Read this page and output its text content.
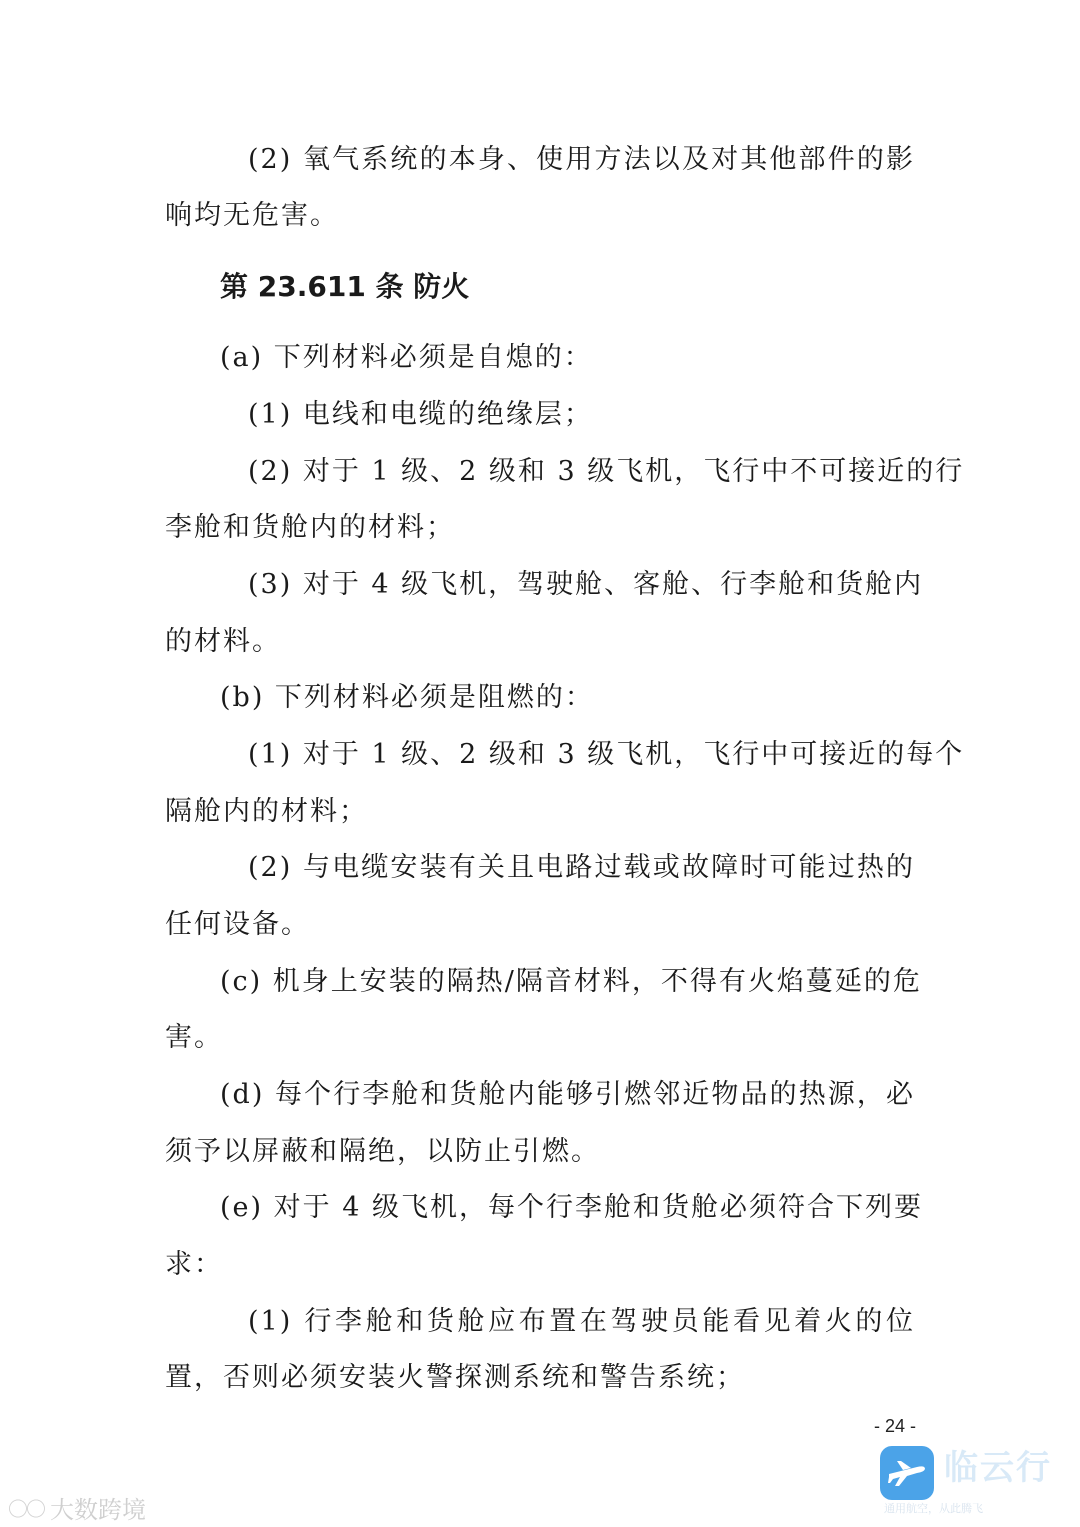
第 23.611 条 防火

(2) 氧气系统的本身、使用方法以及对其他部件的影

响均无危害。

(a) 下列材料必须是自熄的：

(1) 电线和电缆的绝缘层；

(2) 对于 1 级、2 级和 3 级飞机，飞行中不可接近的行

李舱和货舱内的材料；

(3) 对于 4 级飞机，驾驶舱、客舱、行李舱和货舱内

的材料。

(b) 下列材料必须是阻燃的：

(1) 对于 1 级、2 级和 3 级飞机，飞行中可接近的每个

隔舱内的材料；

(2) 与电缆安装有关且电路过载或故障时可能过热的

任何设备。

(c) 机身上安装的隔热/隔音材料，不得有火焰蔓延的危

害。

(d) 每个行李舱和货舱内能够引燃邻近物品的热源，必

须予以屏蔽和隔绝，以防止引燃。

(e) 对于 4 级飞机，每个行李舱和货舱必须符合下列要

求：

(1) 行李舱和货舱应布置在驾驶员能看见着火的位

置，否则必须安装火警探测系统和警告系统；

- 24 -
〇〇 大数跨境
临云行
通用航空，从此腾飞
